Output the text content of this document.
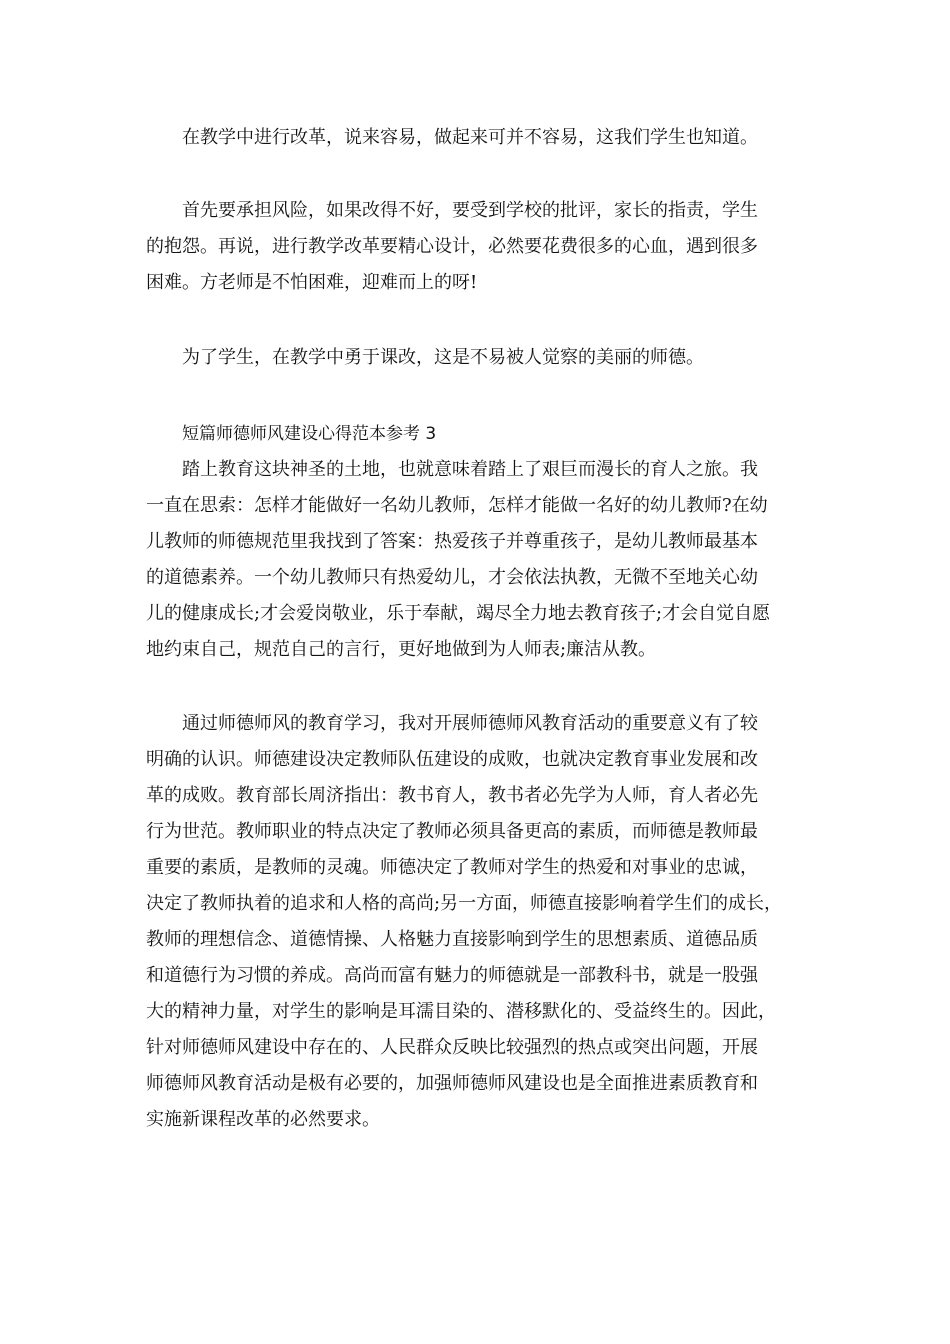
在教学中进行改革，说来容易，做起来可并不容易，这我们学生也知道。

首先要承担风险，如果改得不好，要受到学校的批评，家长的指责，学生
的抱怨。再说，进行教学改革要精心设计，必然要花费很多的心血，遇到很多
困难。方老师是不怕困难，迎难而上的呀!

为了学生，在教学中勇于课改，这是不易被人觉察的美丽的师德。

短篇师德师风建设心得范本参考 3

踏上教育这块神圣的土地，也就意味着踏上了艰巨而漫长的育人之旅。我
一直在思索：怎样才能做好一名幼儿教师，怎样才能做一名好的幼儿教师?在幼
儿教师的师德规范里我找到了答案：热爱孩子并尊重孩子，是幼儿教师最基本
的道德素养。一个幼儿教师只有热爱幼儿，才会依法执教，无微不至地关心幼
儿的健康成长;才会爱岗敬业，乐于奉献，竭尽全力地去教育孩子;才会自觉自愿
地约束自己，规范自己的言行，更好地做到为人师表;廉洁从教。

通过师德师风的教育学习，我对开展师德师风教育活动的重要意义有了较
明确的认识。师德建设决定教师队伍建设的成败，也就决定教育事业发展和改
革的成败。教育部长周济指出：教书育人，教书者必先学为人师，育人者必先
行为世范。教师职业的特点决定了教师必须具备更高的素质，而师德是教师最
重要的素质，是教师的灵魂。师德决定了教师对学生的热爱和对事业的忠诚，
决定了教师执着的追求和人格的高尚;另一方面，师德直接影响着学生们的成长，
教师的理想信念、道德情操、人格魅力直接影响到学生的思想素质、道德品质
和道德行为习惯的养成。高尚而富有魅力的师德就是一部教科书，就是一股强
大的精神力量，对学生的影响是耳濡目染的、潜移默化的、受益终生的。因此，
针对师德师风建设中存在的、人民群众反映比较强烈的热点或突出问题，开展
师德师风教育活动是极有必要的，加强师德师风建设也是全面推进素质教育和
实施新课程改革的必然要求。
